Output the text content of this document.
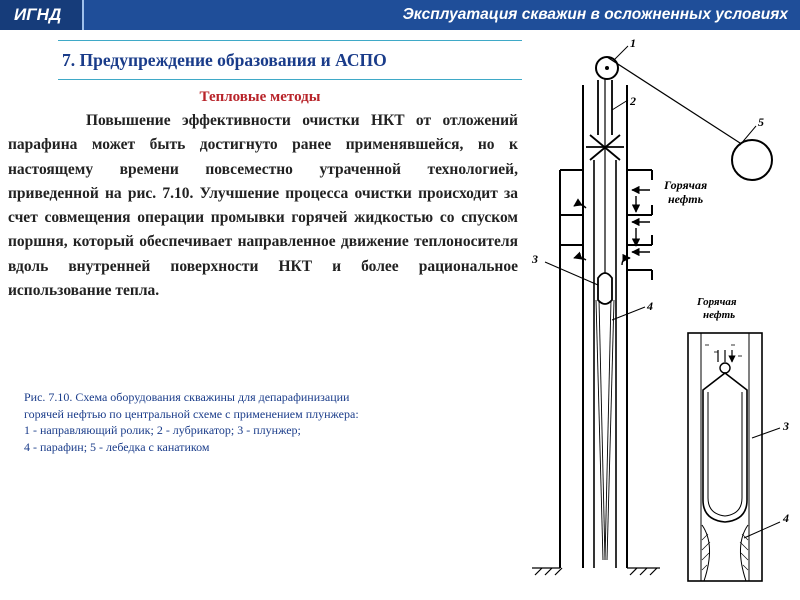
ИГНД	Эксплуатация скважин в осложненных условиях
7. Предупреждение образования и АСПО
Тепловые методы

Повышение эффективности очистки НКТ от отложений парафина может быть достигнуто ранее применявшейся, но к настоящему времени повсеместно утраченной технологией, приведенной на рис. 7.10. Улучшение процесса очистки происходит за счет совмещения операции промывки горячей жидкостью со спуском поршня, который обеспечивает направленное движение теплоносителя вдоль внутренней поверхности НКТ и более рациональное использование тепла.

Рис. 7.10. Схема оборудования скважины для депарафинизации
горячей нефтью по центральной схеме с применением плунжера:
1 - направляющий ролик; 2 - лубрикатор; 3 - плунжер;
4 - парафин; 5 - лебедка с канатиком
1
2
3
4
5
Горячая
нефть
Горячая
нефть
3
4
